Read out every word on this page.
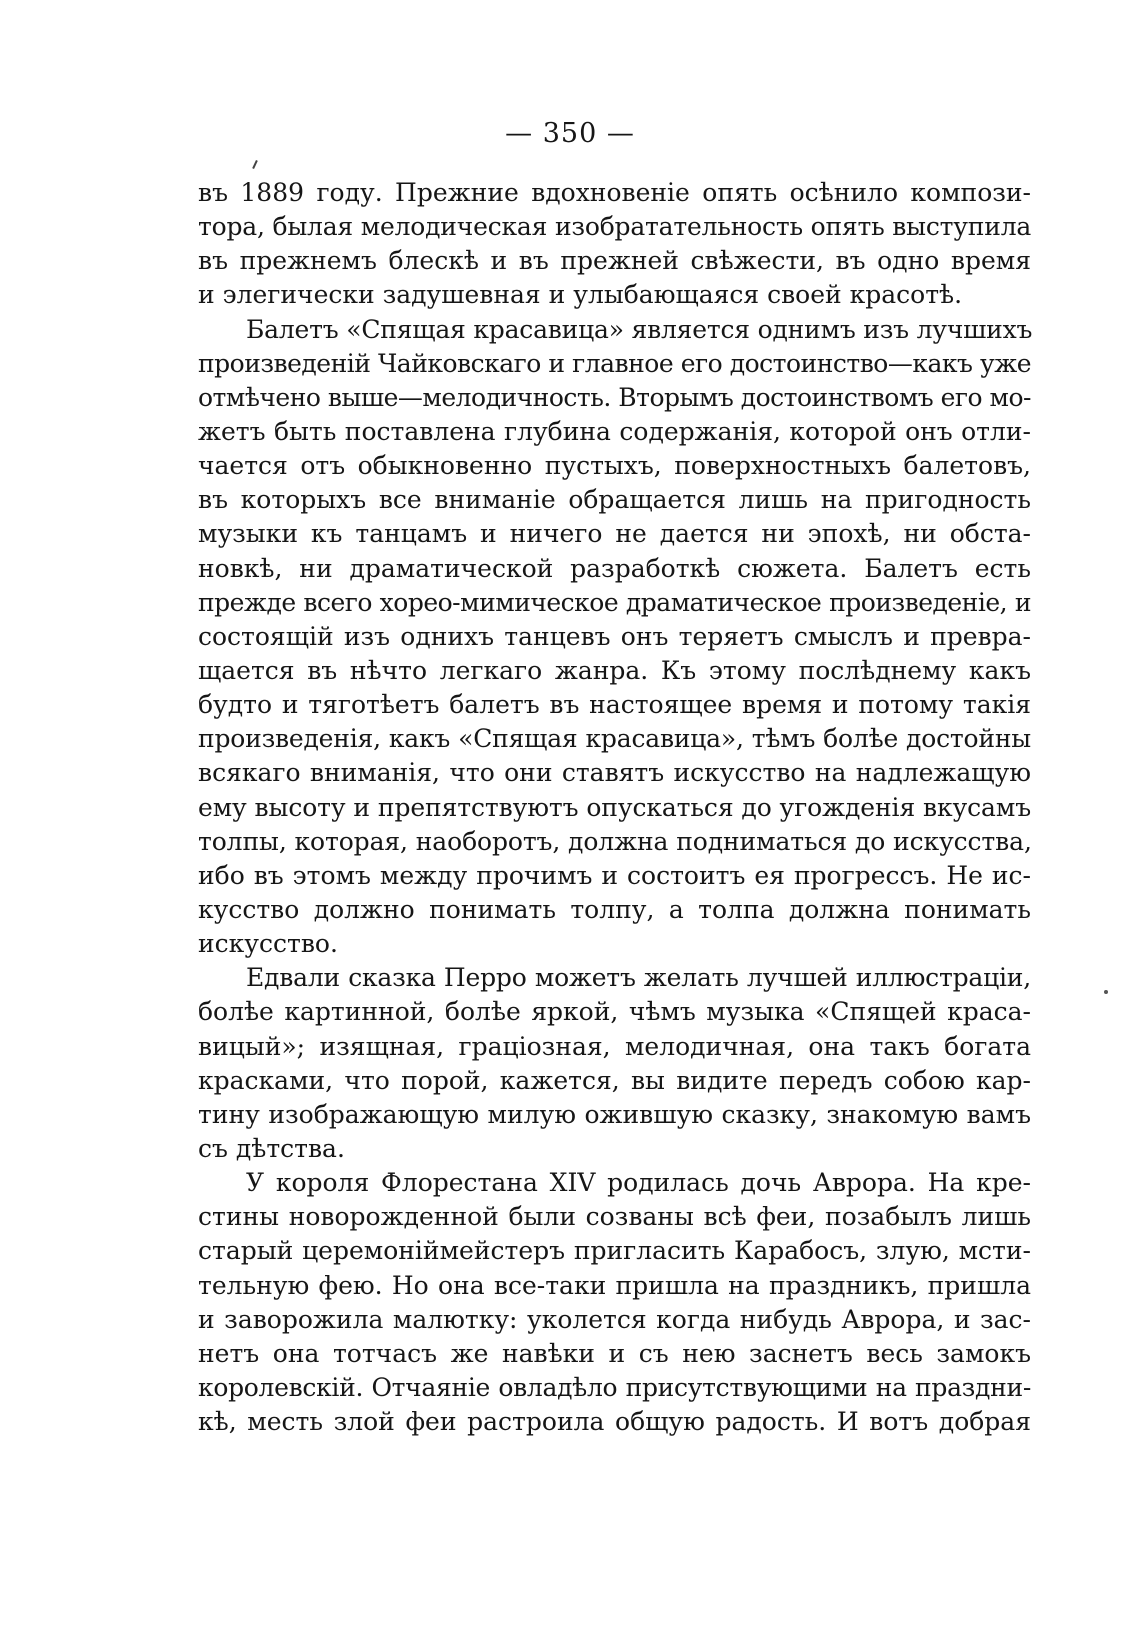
— 350 —
въ 1889 году. Прежние вдохновеніе опять осѣнило компози-
тора, былая мелодическая изобратательность опять выступила
въ прежнемъ блескѣ и въ прежней свѣжести, въ одно время
и элегически задушевная и улыбающаяся своей красотѣ.
Балетъ «Спящая красавица» является однимъ изъ лучшихъ
произведеній Чайковскаго и главное его достоинство—какъ уже
отмѣчено выше—мелодичность. Вторымъ достоинствомъ его мо-
жетъ быть поставлена глубина содержанія, которой онъ отли-
чается отъ обыкновенно пустыхъ, поверхностныхъ балетовъ,
въ которыхъ все вниманіе обращается лишь на пригодность
музыки къ танцамъ и ничего не дается ни эпохѣ, ни обста-
новкѣ, ни драматической разработкѣ сюжета. Балетъ есть
прежде всего хорео-мимическое драматическое произведеніе, и
состоящій изъ однихъ танцевъ онъ теряетъ смыслъ и превра-
щается въ нѣчто легкаго жанра. Къ этому послѣднему какъ
будто и тяготѣетъ балетъ въ настоящее время и потому такія
произведенія, какъ «Спящая красавица», тѣмъ болѣе достойны
всякаго вниманія, что они ставятъ искусство на надлежащую
ему высоту и препятствуютъ опускаться до угожденія вкусамъ
толпы, которая, наоборотъ, должна подниматься до искусства,
ибо въ этомъ между прочимъ и состоитъ ея прогрессъ. Не ис-
кусство должно понимать толпу, а толпа должна понимать
искусство.
Едвали сказка Перро можетъ желать лучшей иллюстраціи,
болѣе картинной, болѣе яркой, чѣмъ музыка «Спящей краса-
вицый»; изящная, граціозная, мелодичная, она такъ богата
красками, что порой, кажется, вы видите передъ собою кар-
тину изображающую милую ожившую сказку, знакомую вамъ
съ дѣтства.
У короля Флорестана XIV родилась дочь Аврора. На кре-
стины новорожденной были созваны всѣ феи, позабылъ лишь
старый церемонiймейстеръ пригласить Карабосъ, злую, мсти-
тельную фею. Но она все-таки пришла на праздникъ, пришла
и заворожила малютку: уколется когда нибудь Аврора, и зас-
нетъ она тотчасъ же навѣки и съ нею заснетъ весь замокъ
королевскій. Отчаяніе овладѣло присутствующими на праздни-
кѣ, месть злой феи растроила общую радость. И вотъ добрая
